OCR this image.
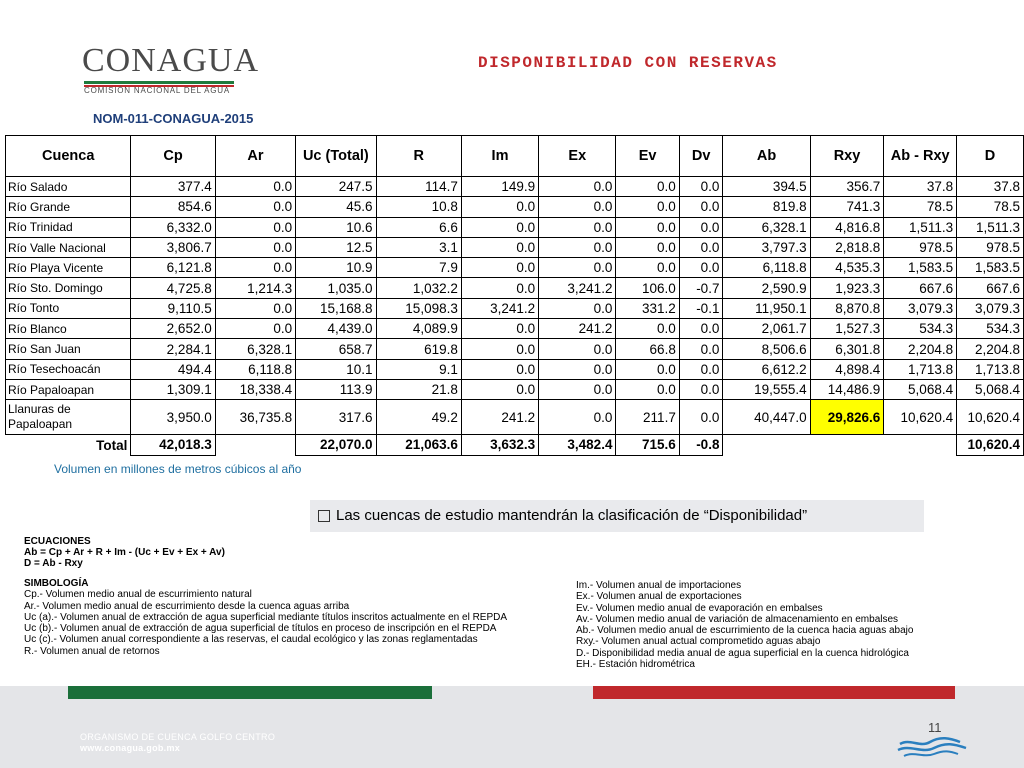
CONAGUA
COMISIÓN NACIONAL DEL AGUA
DISPONIBILIDAD CON RESERVAS
NOM-011-CONAGUA-2015
Cuenca	Cp	Ar	Uc (Total)	R	Im	Ex	Ev	Dv	Ab	Rxy	Ab - Rxy	D
Río Salado	377.4	0.0	247.5	114.7	149.9	0.0	0.0	0.0	394.5	356.7	37.8	37.8
Río Grande	854.6	0.0	45.6	10.8	0.0	0.0	0.0	0.0	819.8	741.3	78.5	78.5
Río Trinidad	6,332.0	0.0	10.6	6.6	0.0	0.0	0.0	0.0	6,328.1	4,816.8	1,511.3	1,511.3
Río Valle Nacional	3,806.7	0.0	12.5	3.1	0.0	0.0	0.0	0.0	3,797.3	2,818.8	978.5	978.5
Río Playa Vicente	6,121.8	0.0	10.9	7.9	0.0	0.0	0.0	0.0	6,118.8	4,535.3	1,583.5	1,583.5
Río Sto. Domingo	4,725.8	1,214.3	1,035.0	1,032.2	0.0	3,241.2	106.0	-0.7	2,590.9	1,923.3	667.6	667.6
Río Tonto	9,110.5	0.0	15,168.8	15,098.3	3,241.2	0.0	331.2	-0.1	11,950.1	8,870.8	3,079.3	3,079.3
Río Blanco	2,652.0	0.0	4,439.0	4,089.9	0.0	241.2	0.0	0.0	2,061.7	1,527.3	534.3	534.3
Río San Juan	2,284.1	6,328.1	658.7	619.8	0.0	0.0	66.8	0.0	8,506.6	6,301.8	2,204.8	2,204.8
Río Tesechoacán	494.4	6,118.8	10.1	9.1	0.0	0.0	0.0	0.0	6,612.2	4,898.4	1,713.8	1,713.8
Río Papaloapan	1,309.1	18,338.4	113.9	21.8	0.0	0.0	0.0	0.0	19,555.4	14,486.9	5,068.4	5,068.4
Llanuras de Papaloapan	3,950.0	36,735.8	317.6	49.2	241.2	0.0	211.7	0.0	40,447.0	29,826.6	10,620.4	10,620.4
Total	42,018.3		22,070.0	21,063.6	3,632.3	3,482.4	715.6	-0.8				10,620.4
Volumen en millones de metros cúbicos al año
Las cuencas de estudio mantendrán la clasificación de “Disponibilidad”
ECUACIONES
Ab = Cp + Ar + R + Im - (Uc + Ev + Ex + Av)
D = Ab - Rxy
SIMBOLOGÍA
Cp.- Volumen medio anual de escurrimiento natural
Ar.- Volumen medio anual de escurrimiento desde la cuenca aguas arriba
Uc (a).- Volumen anual de extracción de agua superficial mediante títulos inscritos actualmente en el REPDA
Uc (b).- Volumen anual de extracción de agua superficial de títulos en proceso de inscripción en el REPDA
Uc (c).- Volumen anual correspondiente a las reservas, el caudal ecológico y las zonas reglamentadas
R.- Volumen anual de retornos
Im.- Volumen anual de importaciones
Ex.- Volumen anual de exportaciones
Ev.- Volumen medio anual de evaporación en embalses
Av.- Volumen medio anual de variación de almacenamiento en embalses
Ab.- Volumen medio anual de escurrimiento de la cuenca hacia aguas abajo
Rxy.- Volumen anual actual comprometido aguas abajo
D.- Disponibilidad media anual de agua superficial en la cuenca hidrológica
EH.- Estación hidrométrica
ORGANISMO DE CUENCA GOLFO CENTRO
www.conagua.gob.mx
11
